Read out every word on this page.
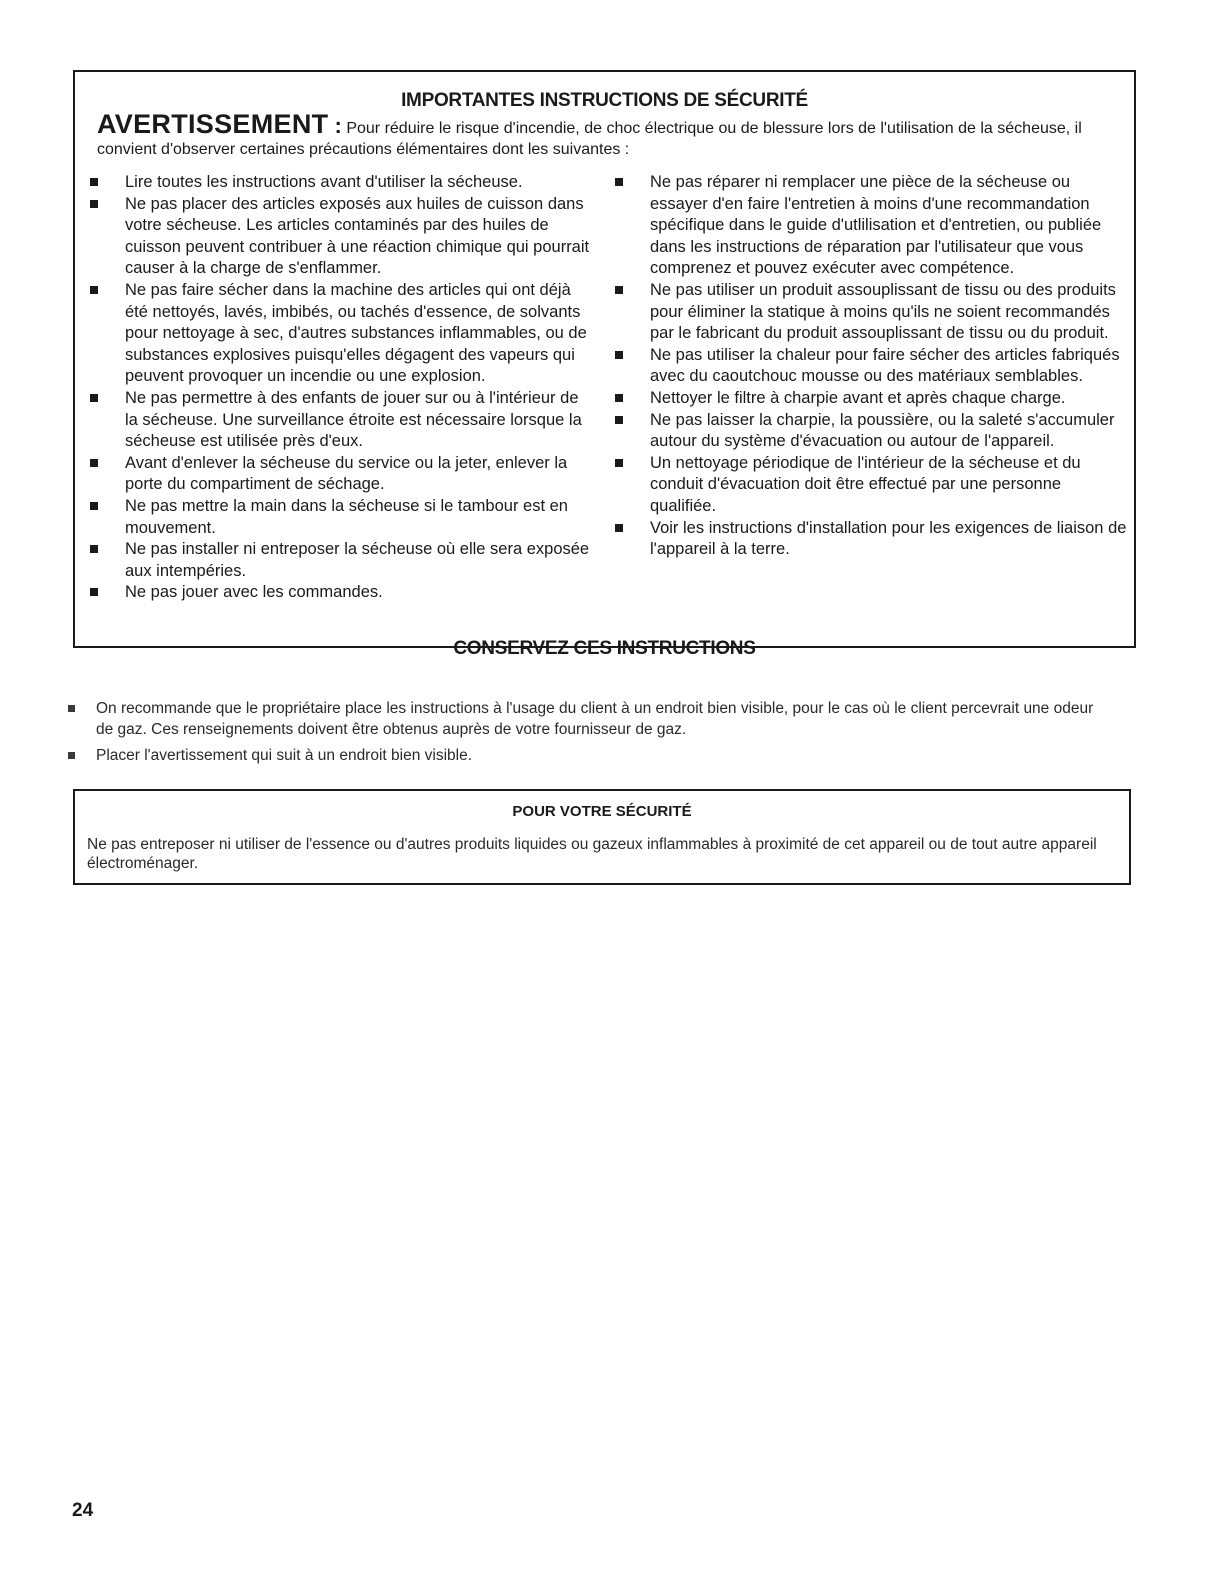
IMPORTANTES INSTRUCTIONS DE SÉCURITÉ
AVERTISSEMENT : Pour réduire le risque d'incendie, de choc électrique ou de blessure lors de l'utilisation de la sécheuse, il convient d'observer certaines précautions élémentaires dont les suivantes :
Lire toutes les instructions avant d'utiliser la sécheuse.
Ne pas placer des articles exposés aux huiles de cuisson dans votre sécheuse. Les articles contaminés par des huiles de cuisson peuvent contribuer à une réaction chimique qui pourrait causer à la charge de s'enflammer.
Ne pas faire sécher dans la machine des articles qui ont déjà été nettoyés, lavés, imbibés, ou tachés d'essence, de solvants pour nettoyage à sec, d'autres substances inflammables, ou de substances explosives puisqu'elles dégagent des vapeurs qui peuvent provoquer un incendie ou une explosion.
Ne pas permettre à des enfants de jouer sur ou à l'intérieur de la sécheuse. Une surveillance étroite est nécessaire lorsque la sécheuse est utilisée près d'eux.
Avant d'enlever la sécheuse du service ou la jeter, enlever la porte du compartiment de séchage.
Ne pas mettre la main dans la sécheuse si le tambour est en mouvement.
Ne pas installer ni entreposer la sécheuse où elle sera exposée aux intempéries.
Ne pas jouer avec les commandes.
Ne pas réparer ni remplacer une pièce de la sécheuse ou essayer d'en faire l'entretien à moins d'une recommandation spécifique dans le guide d'utlilisation et d'entretien, ou publiée dans les instructions de réparation par l'utilisateur que vous comprenez et pouvez exécuter avec compétence.
Ne pas utiliser un produit assouplissant de tissu ou des produits pour éliminer la statique à moins qu'ils ne soient recommandés par le fabricant du produit assouplissant de tissu ou du produit.
Ne pas utiliser la chaleur pour faire sécher des articles fabriqués avec du caoutchouc mousse ou des matériaux semblables.
Nettoyer le filtre à charpie avant et après chaque charge.
Ne pas laisser la charpie, la poussière, ou la saleté s'accumuler autour du système d'évacuation ou autour de l'appareil.
Un nettoyage périodique de l'intérieur de la sécheuse et du conduit d'évacuation doit être effectué par une personne qualifiée.
Voir les instructions d'installation pour les exigences de liaison de l'appareil à la terre.
CONSERVEZ CES INSTRUCTIONS
On recommande que le propriétaire place les instructions à l'usage du client à un endroit bien visible, pour le cas où le client percevrait une odeur de gaz. Ces renseignements doivent être obtenus auprès de votre fournisseur de gaz.
Placer l'avertissement qui suit à un endroit bien visible.
POUR VOTRE SÉCURITÉ
Ne pas entreposer ni utiliser de l'essence ou d'autres produits liquides ou gazeux inflammables à proximité de cet appareil ou de tout autre appareil électroménager.
24
